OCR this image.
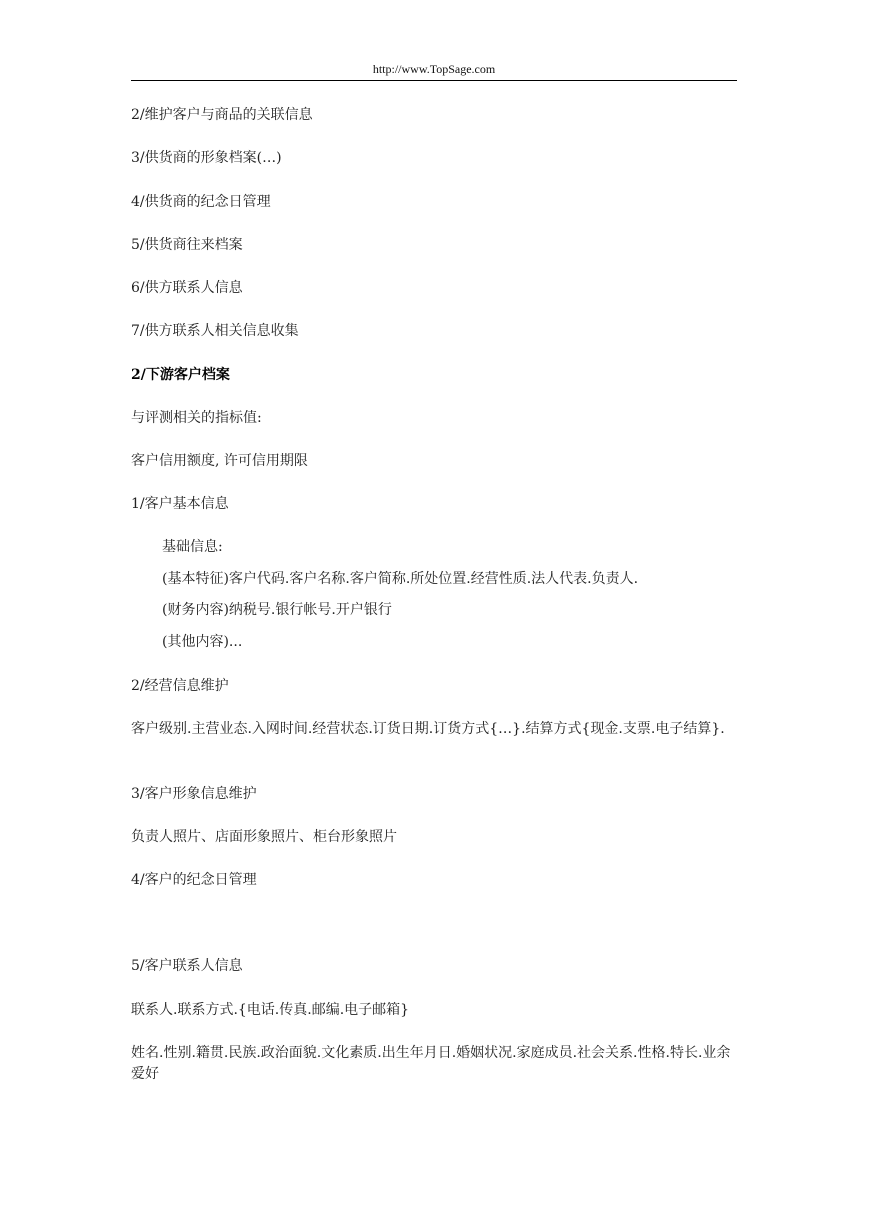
http://www.TopSage.com
2/维护客户与商品的关联信息
3/供货商的形象档案(…)
4/供货商的纪念日管理
5/供货商往来档案
6/供方联系人信息
7/供方联系人相关信息收集
2/下游客户档案
与评测相关的指标值:
客户信用额度, 许可信用期限
1/客户基本信息
基础信息:
(基本特征)客户代码.客户名称.客户简称.所处位置.经营性质.法人代表.负责人.
(财务内容)纳税号.银行帐号.开户银行
(其他内容)...
2/经营信息维护
客户级别.主营业态.入网时间.经营状态.订货日期.订货方式{…}.结算方式{现金.支票.电子结算}.
3/客户形象信息维护
负责人照片、店面形象照片、柜台形象照片
4/客户的纪念日管理
5/客户联系人信息
联系人.联系方式.{电话.传真.邮编.电子邮箱}
姓名.性别.籍贯.民族.政治面貌.文化素质.出生年月日.婚姻状况.家庭成员.社会关系.性格.特长.业余爱好
